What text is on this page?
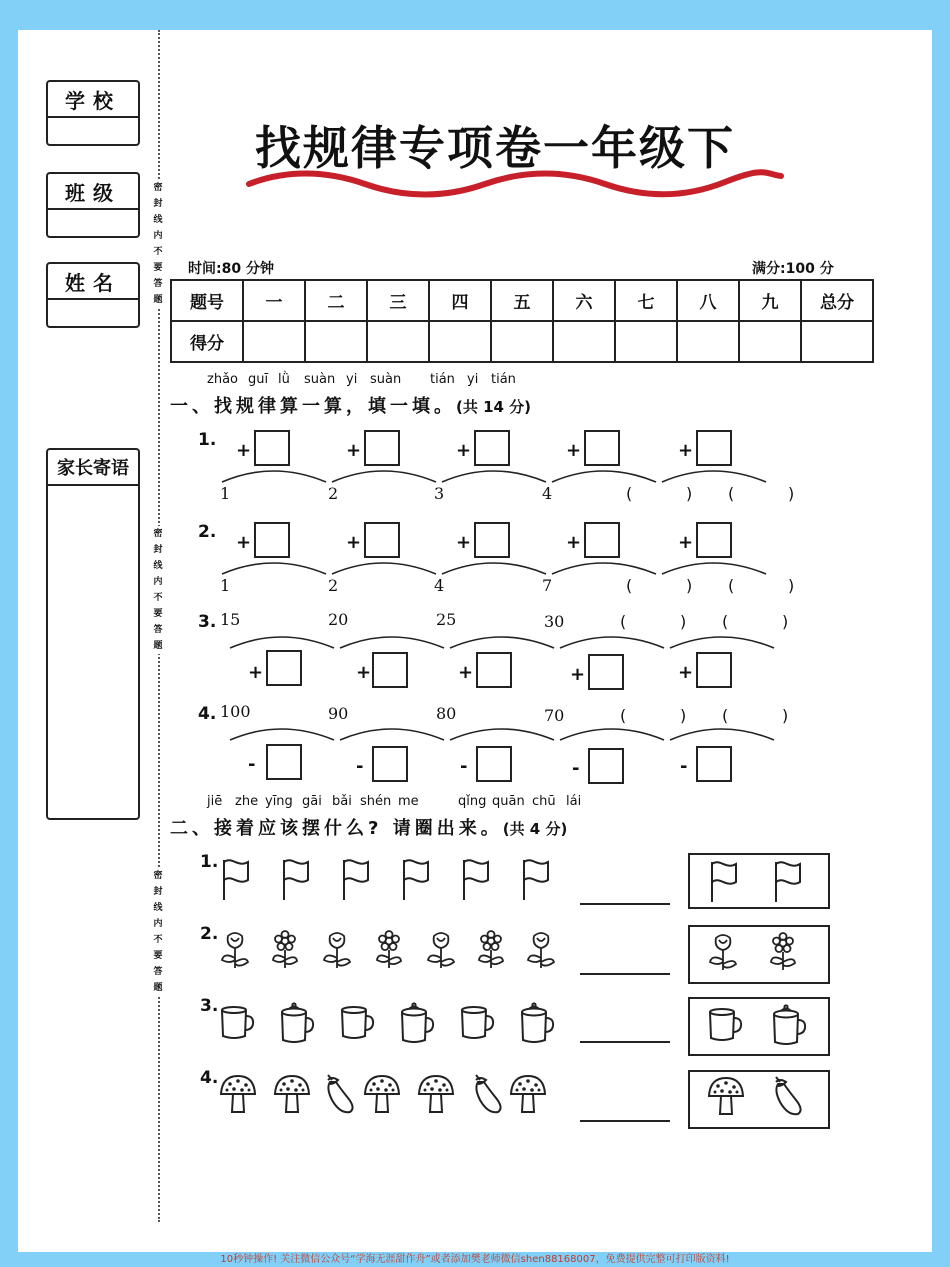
学校
班级
姓名
家长寄语
密封线内不要答题
密封线内不要答题
密封线内不要答题
找规律专项卷一年级下
时间:80 分钟	满分:100 分
题号	一	二	三	四	五	六	七	八	九	总分
得分										
zhǎo guī lǜ suàn yi suàn tián yi tián
一、找规律算一算，填一填。(共 14 分)
1.
1	2	3	4	(	) (	)
+	+	+	+	+
2.
1	2	4	7	(	) (	)
+	+	+	+	+
3. 15	20	25	30	(	) (	)
+	+	+	+	+
4. 100	90	80	70	(	) (	)
-	-	-	-	-
jiē zhe yīng gāi bǎi shén me	qǐng quān chū lái
二、接着应该摆什么? 请圈出来。(共 4 分)
1.
2.
3.
4.
10秒钟操作! 关注微信公众号“学海无涯甜作舟”或者添加樊老师微信shen88168007，免费提供完整可打印版资料!
